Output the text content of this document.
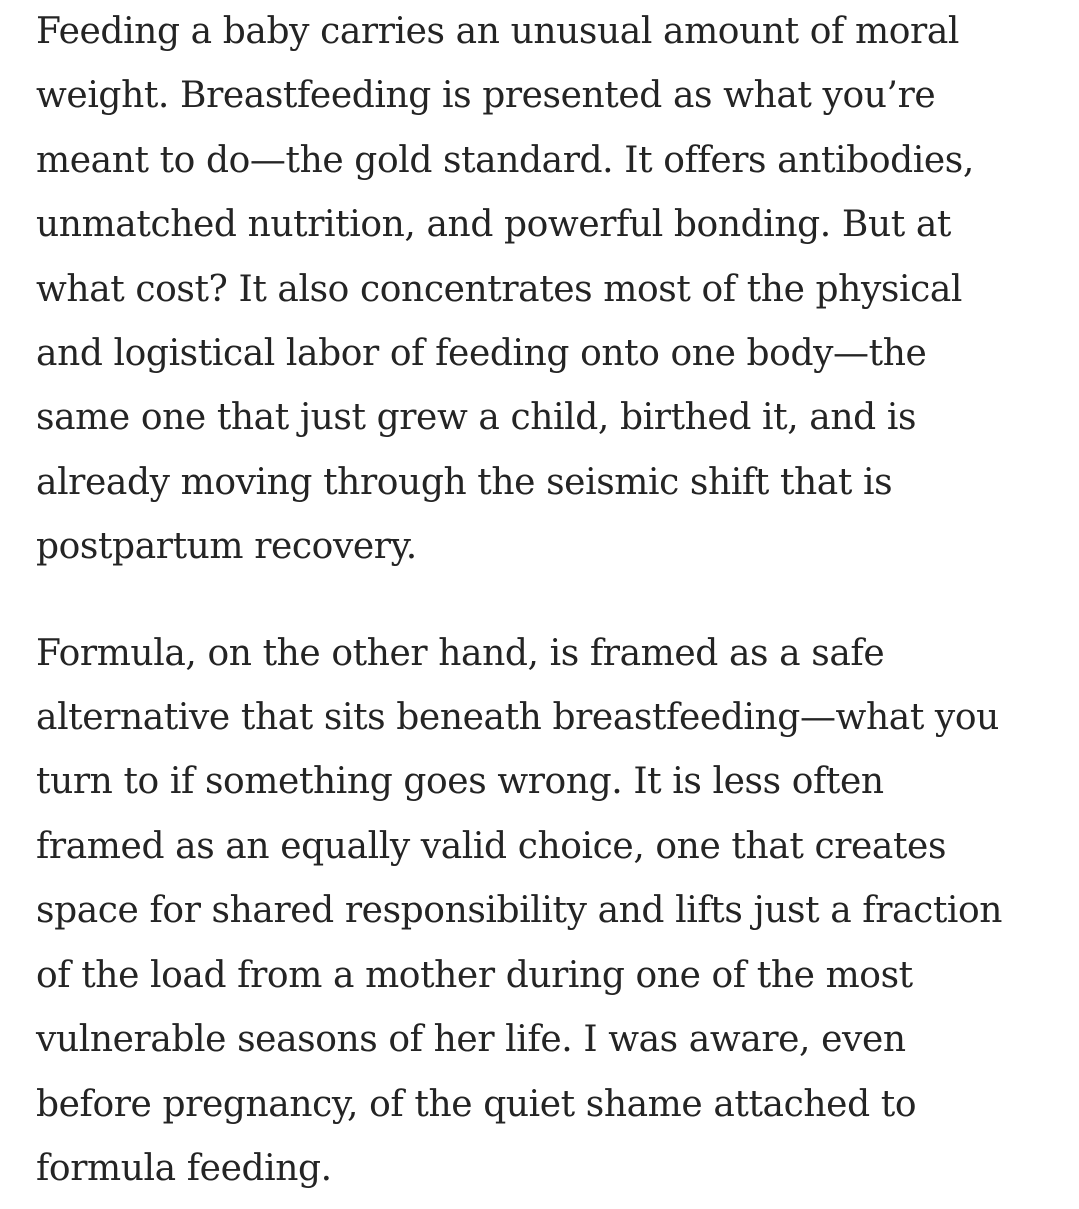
Feeding a baby carries an unusual amount of moral
weight. Breastfeeding is presented as what you’re
meant to do—the gold standard. It offers antibodies,
unmatched nutrition, and powerful bonding. But at
what cost? It also concentrates most of the physical
and logistical labor of feeding onto one body—the
same one that just grew a child, birthed it, and is
already moving through the seismic shift that is
postpartum recovery.

Formula, on the other hand, is framed as a safe
alternative that sits beneath breastfeeding—what you
turn to if something goes wrong. It is less often
framed as an equally valid choice, one that creates
space for shared responsibility and lifts just a fraction
of the load from a mother during one of the most
vulnerable seasons of her life. I was aware, even
before pregnancy, of the quiet shame attached to
formula feeding.
